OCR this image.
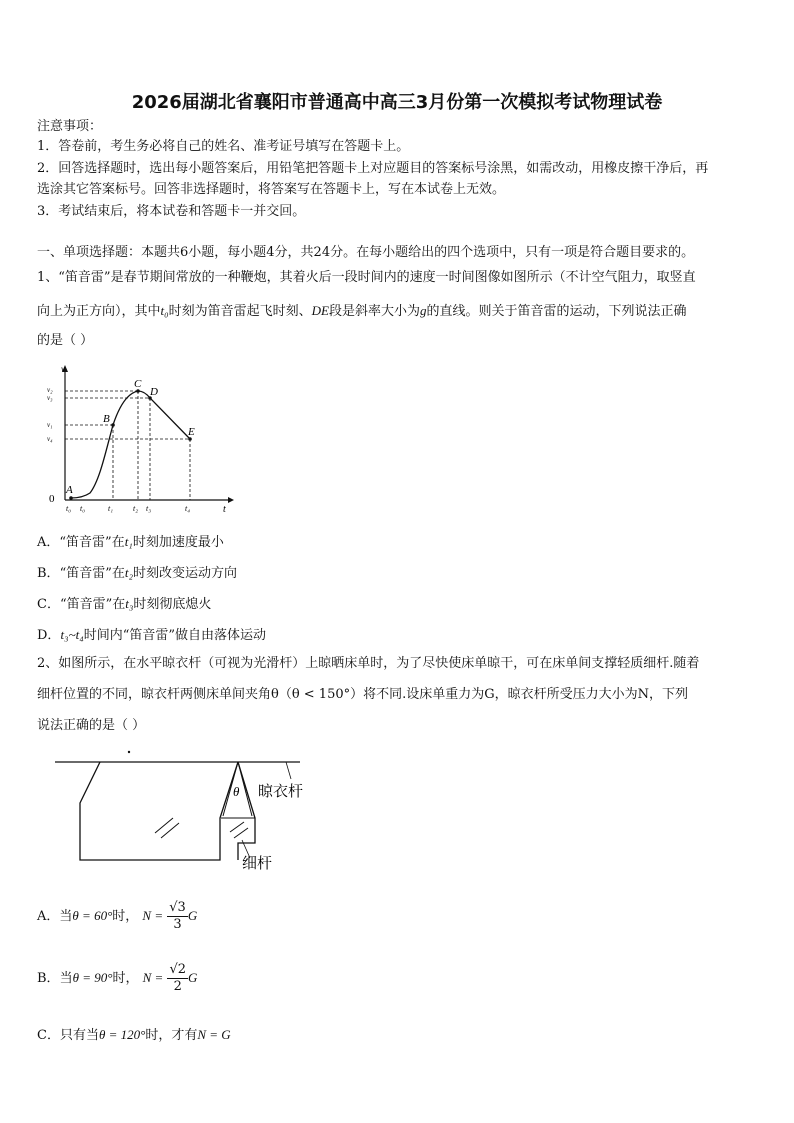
2026届湖北省襄阳市普通高中高三3月份第一次模拟考试物理试卷
注意事项：
1．答卷前，考生务必将自己的姓名、准考证号填写在答题卡上。
2．回答选择题时，选出每小题答案后，用铅笔把答题卡上对应题目的答案标号涂黑，如需改动，用橡皮擦干净后，再
选涂其它答案标号。回答非选择题时，将答案写在答题卡上，写在本试卷上无效。
3．考试结束后，将本试卷和答题卡一并交回。
一、单项选择题：本题共6小题，每小题4分，共24分。在每小题给出的四个选项中，只有一项是符合题目要求的。
1、“笛音雷”是春节期间常放的一种鞭炮，其着火后一段时间内的速度一时间图像如图所示（不计空气阻力，取竖直
向上为正方向），其中t₀时刻为笛音雷起飞时刻、DE段是斜率大小为g的直线。则关于笛音雷的运动，下列说法正确
的是（ ）
v
t
0
A
B
C
D
E
v₂
v₃
v₁
v₄
t₀ t₀	t₁ t₂ t₃	t₄
A．“笛音雷”在t₁时刻加速度最小
B．“笛音雷”在t₂时刻改变运动方向
C．“笛音雷”在t₃时刻彻底熄火
D．t₃~t₄时间内“笛音雷”做自由落体运动
2、如图所示，在水平晾衣杆（可视为光滑杆）上晾晒床单时，为了尽快使床单晾干，可在床单间支撑轻质细杆.随着
细杆位置的不同，晾衣杆两侧床单间夹角θ（θ < 150°）将不同.设床单重力为G，晾衣杆所受压力大小为N，下列
说法正确的是（ ）
θ 晾衣杆
细杆
A．当θ = 60°时， $N = \frac{√3}{3}$ G
B．当θ = 90°时， $N = \frac{√2}{2}$ G
C．只有当θ = 120°时，才有N = G
